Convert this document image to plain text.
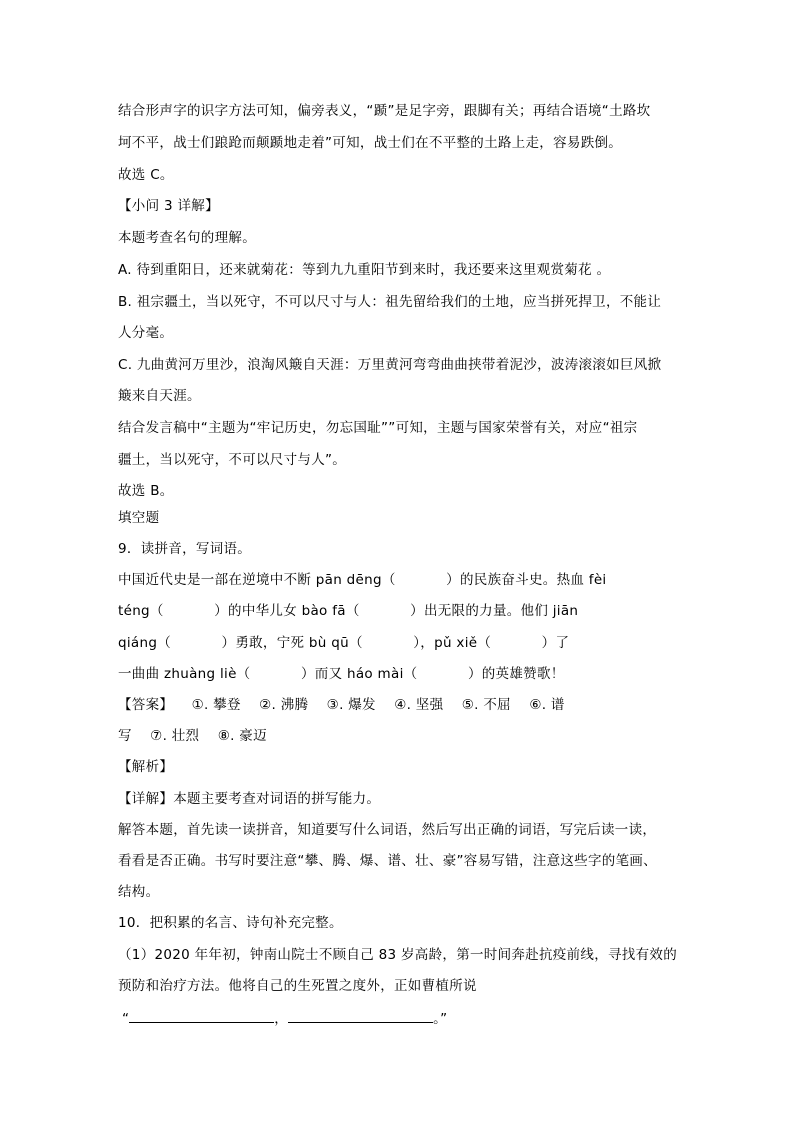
结合形声字的识字方法可知，偏旁表义，“踬”是足字旁，跟脚有关；再结合语境“土路坎
坷不平，战士们踉跄而颠踬地走着”可知，战士们在不平整的土路上走，容易跌倒。
故选 C。
【小问 3 详解】
本题考查名句的理解。
A. 待到重阳日，还来就菊花：等到九九重阳节到来时，我还要来这里观赏菊花 。
B. 祖宗疆土，当以死守，不可以尺寸与人：祖先留给我们的土地，应当拼死捍卫，不能让
人分毫。
C. 九曲黄河万里沙，浪淘风簸自天涯：万里黄河弯弯曲曲挟带着泥沙，波涛滚滚如巨风掀
簸来自天涯。
结合发言稿中“主题为“牢记历史，勿忘国耻””可知，主题与国家荣誉有关，对应“祖宗
疆土，当以死守，不可以尺寸与人”。
故选 B。
填空题
9．读拼音，写词语。
中国近代史是一部在逆境中不断 pān dēng（           ）的民族奋斗史。热血 fèi
téng（           ）的中华儿女 bào fā（           ）出无限的力量。他们 jiān
qiáng（           ）勇敢，宁死 bù qū（           ），pǔ xiě（           ）了
一曲曲 zhuàng liè（           ）而又 háo mài（           ）的英雄赞歌！
【答案】    ①. 攀登    ②. 沸腾    ③. 爆发    ④. 坚强    ⑤. 不屈    ⑥. 谱
写    ⑦. 壮烈    ⑧. 豪迈
【解析】
【详解】本题主要考查对词语的拼写能力。
解答本题，首先读一读拼音，知道要写什么词语，然后写出正确的词语，写完后读一读，
看看是否正确。书写时要注意“攀、腾、爆、谱、壮、豪”容易写错，注意这些字的笔画、
结构。
10．把积累的名言、诗句补充完整。
（1）2020 年年初，钟南山院士不顾自己 83 岁高龄，第一时间奔赴抗疫前线，寻找有效的
预防和治疗方法。他将自己的生死置之度外，正如曹植所说
“	，	。”
